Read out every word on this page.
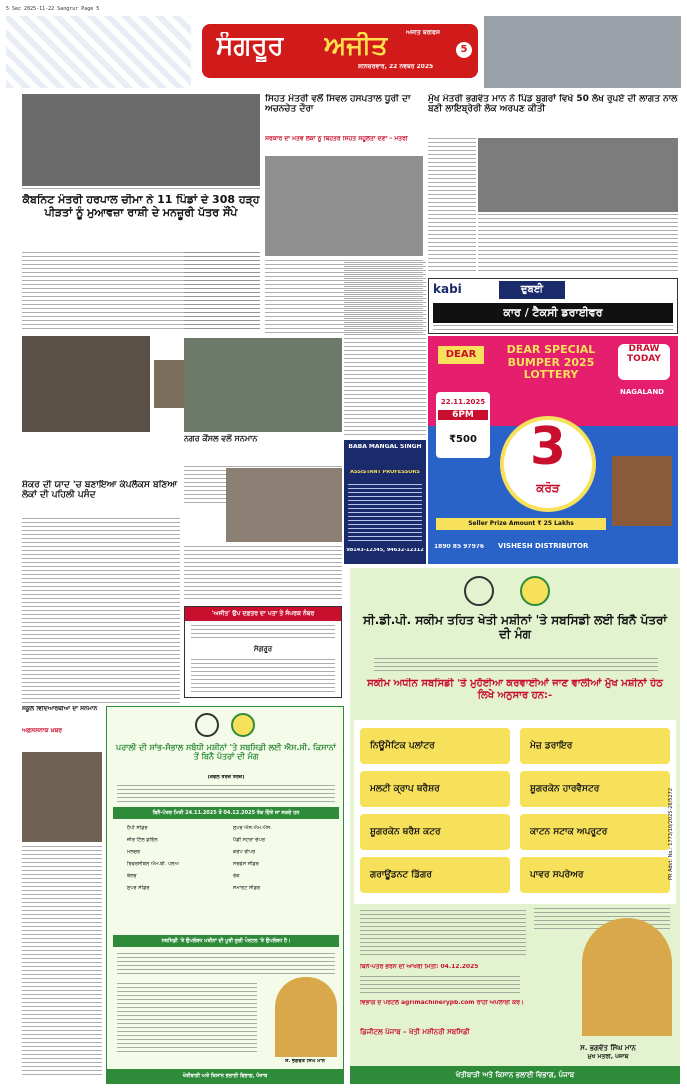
5 Sec 2025-11-22 Sangrur Page 5
ਸੰਗਰੂਰ ਅਜੀਤ	ਅਜੀਤ ਬਰੀਫਸ
ਸ਼ਨਿੱਚਰਵਾਰ, 22 ਨਵੰਬਰ 2025
5
ਕੈਬਨਿਟ ਮੰਤਰੀ ਹਰਪਾਲ ਚੀਮਾ ਨੇ 11 ਪਿੰਡਾਂ ਦੇ 308 ਹੜ੍ਹ ਪੀੜਤਾਂ ਨੂੰ ਮੁਆਵਜ਼ਾ ਰਾਸ਼ੀ ਦੇ ਮਨਜ਼ੂਰੀ ਪੱਤਰ ਸੌਂਪੇ
ਸ਼ੰਕਰ ਦੀ ਯਾਦ 'ਚ ਬਣਾਇਆ ਕੰਪਲੈਕਸ ਬਣਿਆ ਲੋਕਾਂ ਦੀ ਪਹਿਲੀ ਪਸੰਦ
ਸਿਹਤ ਮੰਤਰੀ ਵਲੋਂ ਸਿਵਲ ਹਸਪਤਾਲ ਧੂਰੀ ਦਾ ਅਚਨਚੇਤ ਦੌਰਾ
ਸਰਕਾਰ ਦਾ ਮੰਤਵ ਲੋਕਾਂ ਨੂੰ ਬਿਹਤਰ ਸਿਹਤ ਸਹੂਲਤਾਂ ਦੇਣਾ – ਮੰਤਰੀ
ਨਗਰ ਕੌਂਸਲ ਵਲੋਂ ਸਨਮਾਨ
'ਅਜੀਤ' ਉਪ ਦਫ਼ਤਰ ਦਾ ਪਤਾ ਤੇ ਸੰਪਰਕ ਨੰਬਰ
ਸੰਗਰੂਰ
ਸਕੂਲ ਵਿਦਿਆਰਥੀਆਂ ਦਾ ਸਨਮਾਨ
ਅਫ਼ਸੋਸਨਾਕ ਖ਼ਬਰ
ਮੁੱਖ ਮੰਤਰੀ ਭਗਵੰਤ ਮਾਨ ਨੇ ਪਿੰਡ ਬੁਗਰਾਂ ਵਿਖੇ 50 ਲੱਖ ਰੁਪਏ ਦੀ ਲਾਗਤ ਨਾਲ ਬਣੀ ਲਾਇਬ੍ਰੇਰੀ ਲੋਕ ਅਰਪਣ ਕੀਤੀ
kabi	ਦੁਬਈ
ਕਾਰ / ਟੈਕਸੀ ਡਰਾਈਵਰ
DEAR	DEAR SPECIAL BUMPER 2025 LOTTERY
DRAW TODAY
22.11.2025
6PM
₹500	3
ਕਰੋੜ
NAGALAND
Seller Prize Amount ₹ 25 Lakhs
VISHESH DISTRIBUTOR
1890 85 97976
BABA MANGAL SINGH
ASSISTANT PROFESSORS
98143-12345, 94632-12312
ਸੀ.ਡੀ.ਪੀ. ਸਕੀਮ ਤਹਿਤ ਖੇਤੀ ਮਸ਼ੀਨਾਂ 'ਤੇ ਸਬਸਿਡੀ ਲਈ ਬਿਨੈ ਪੱਤਰਾਂ ਦੀ ਮੰਗ
ਸਕੀਮ ਅਧੀਨ ਸਬਸਿਡੀ 'ਤੇ ਮੁਹੱਈਆ ਕਰਵਾਈਆਂ ਜਾਣ ਵਾਲੀਆਂ ਮੁੱਖ ਮਸ਼ੀਨਾਂ ਹੇਠ ਲਿਖੇ ਅਨੁਸਾਰ ਹਨ:-
ਨਿਊਮੈਟਿਕ ਪਲਾਂਟਰ	ਮੇਜ਼ ਡਰਾਇਰ
ਮਲਟੀ ਕ੍ਰਾਪ ਥਰੈਸ਼ਰ	ਸ਼ੂਗਰਕੇਨ ਹਾਰਵੈਸਟਰ
ਸ਼ੂਗਰਕੇਨ ਥਰੈਸ਼ ਕਟਰ	ਕਾਟਨ ਸਟਾਕ ਅਪਰੂਟਰ
ਗਰਾਊਂਡਨਟ ਡਿੱਗਰ	ਪਾਵਰ ਸਪਰੇਅਰ
ਬਿਨੈ-ਪੱਤਰ ਭਰਨ ਦੀ ਆਖਰੀ ਮਿਤੀ: 04.12.2025
ਵਿਭਾਗ ਦੇ ਪੋਰਟਲ agrimachinerypb.com ਰਾਹੀਂ ਅਪਲਾਈ ਕਰੋ।
ਡਿਜੀਟਲ ਪੰਜਾਬ – ਖੇਤੀ ਮਸ਼ੀਨਰੀ ਸਬਸਿਡੀ
ਸ. ਭਗਵੰਤ ਸਿੰਘ ਮਾਨ
ਮੁੱਖ ਮੰਤਰੀ, ਪੰਜਾਬ
ਖੇਤੀਬਾੜੀ ਅਤੇ ਕਿਸਾਨ ਭਲਾਈ ਵਿਭਾਗ, ਪੰਜਾਬ
PR Advt. No.: 1773/10/2025-26/5272
ਪਰਾਲੀ ਦੀ ਸਾਂਭ-ਸੰਭਾਲ ਸਬੰਧੀ ਮਸ਼ੀਨਾਂ 'ਤੇ ਸਬਸਿਡੀ ਲਈ ਐਸ.ਸੀ. ਕਿਸਾਨਾਂ ਤੋਂ ਬਿਨੈ ਪੱਤਰਾਂ ਦੀ ਮੰਗ
(ਕੇਵਲ ਤਰਜ਼ ਤਰਜ਼)
ਬਿਨੈ-ਪੱਤਰ ਮਿਤੀ 24.11.2025 ਤੋਂ 04.12.2025 ਤੱਕ ਦਿੱਤੇ ਜਾ ਸਕਦੇ ਹਨ
ਹੈਪੀ ਸੀਡਰ	ਸੁਪਰ ਐਸ.ਐਮ.ਐਸ.
ਜ਼ੀਰੋ ਟਿੱਲ ਡਰਿੱਲ	ਪੈਡੀ ਸਟਰਾ ਚੌਪਰ
ਮਲਚਰ	ਕਰੌਪ ਰੀਪਰ
ਰਿਵਰਸੀਬਲ ਐਮ.ਬੀ. ਪਲੋਅ	ਸਰਫੇਸ ਸੀਡਰ
ਬੇਲਰ	ਰੇਕ
ਸੁਪਰ ਸੀਡਰ	ਸਮਾਰਟ ਸੀਡਰ
ਸਬਸਿਡੀ 'ਤੇ ਉਪਲੱਬਧ ਮਸ਼ੀਨਾਂ ਦੀ ਪੂਰੀ ਸੂਚੀ ਪੋਰਟਲ 'ਤੇ ਉਪਲੱਬਧ ਹੈ।
ਸ. ਭਗਵੰਤ ਸਿੰਘ ਮਾਨ
ਖੇਤੀਬਾੜੀ ਅਤੇ ਕਿਸਾਨ ਭਲਾਈ ਵਿਭਾਗ, ਪੰਜਾਬ
